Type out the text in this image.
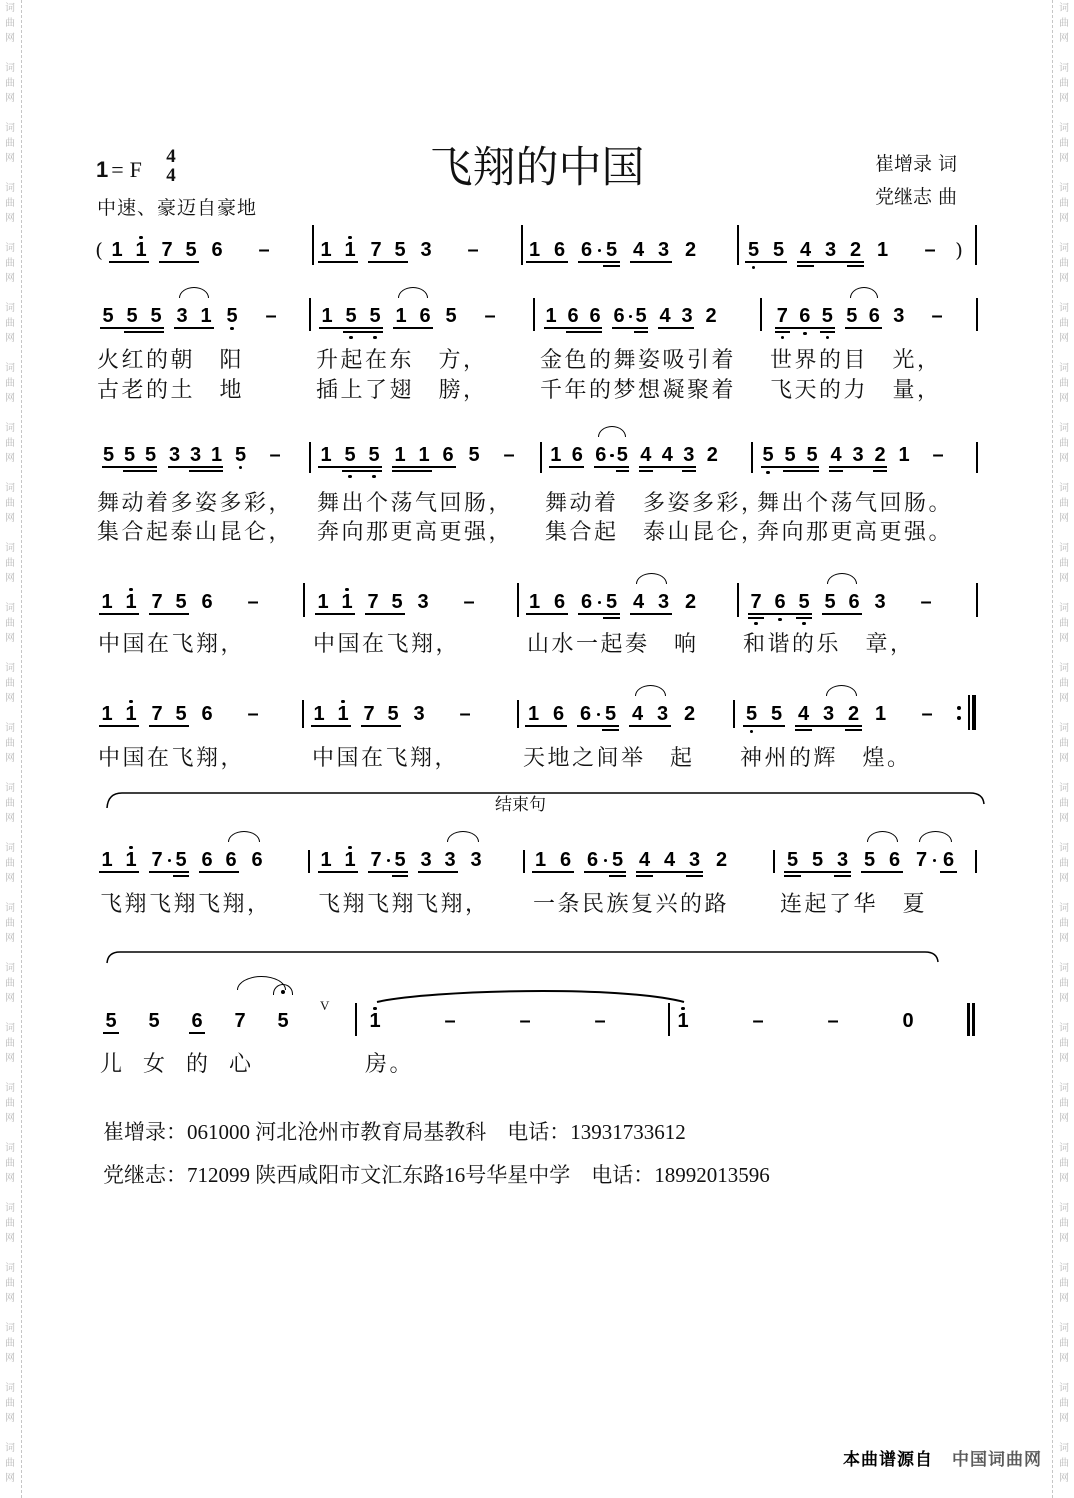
词
曲
网
词
曲
网
词
曲
网
词
曲
网
词
曲
网
词
曲
网
词
曲
网
词
曲
网
词
曲
网
词
曲
网
词
曲
网
词
曲
网
词
曲
网
词
曲
网
词
曲
网
词
曲
网
词
曲
网
词
曲
网
词
曲
网
词
曲
网
词
曲
网
词
曲
网
词
曲
网
词
曲
网
词
曲
网
词
曲
网
词
曲
网
词
曲
网
词
曲
网
词
曲
网
词
曲
网
词
曲
网
词
曲
网
词
曲
网
词
曲
网
词
曲
网
词
曲
网
词
曲
网
词
曲
网
词
曲
网
词
曲
网
词
曲
网
词
曲
网
词
曲
网
词
曲
网
词
曲
网
词
曲
网
词
曲
网
词
曲
网
词
曲
网
1 =F
4
4	飞翔的中国
中速、豪迈自豪地
崔增录 词
党继志 曲
( 1 1 7 5 6	–	1 1 7 5 3	–	1 6 6 5 4 3 2	5 5 4 3 2 1	– )
5 5 5 3 1 5	–	1 5 5 1 6 5	–	1 6 6 6 5 4 3 2	7 6 5 5 6 3	–
火红的朝　阳	升起在东　方， 金色的舞姿吸引着 世界的目　光，
古老的土　地	插上了翅　膀， 千年的梦想凝聚着 飞天的力　量，
5 5 5 3 3 1 5	–	1 5 5 1 1 6 5	–	1 6 6 5 4 4 3 2 5 5 5 4 3 2 1	–
舞动着多姿多彩， 舞出个荡气回肠， 舞动着　多姿多彩，
舞出个荡气回肠。
集合起泰山昆仑， 奔向那更高更强， 集合起　泰山昆仑，
奔向那更高更强。
1 1 7 5 6	–	1 1 7 5 3	–	1 6 6 5 4 3 2	7 6 5 5 6 3	–
中国在飞翔，	中国在飞翔，	山水一起奏　响 和谐的乐　章，
1 1 7 5 6	–	1 1 7 5 3	–	1 6 6 5 4 3 2	5 5 4 3 2 1	–
中国在飞翔，	中国在飞翔，	天地之间举　起 神州的辉　煌。
结束句
1 1 7 5 6 6 6	1 1 7 5 3 3 3	1 6 6 5 4 4 3 2	5 5 3 5 6 7 6
飞翔飞翔飞翔， 飞翔飞翔飞翔， 一条民族复兴的路 连起了华　夏
5	5	6	7	5	1	–	–	–	1	–	–	0
V
儿女的心	房。
崔增录：061000 河北沧州市教育局基教科　电话：13931733612
党继志：712099 陕西咸阳市文汇东路16号华星中学　电话：18992013596
本曲谱源自 中国词曲网
